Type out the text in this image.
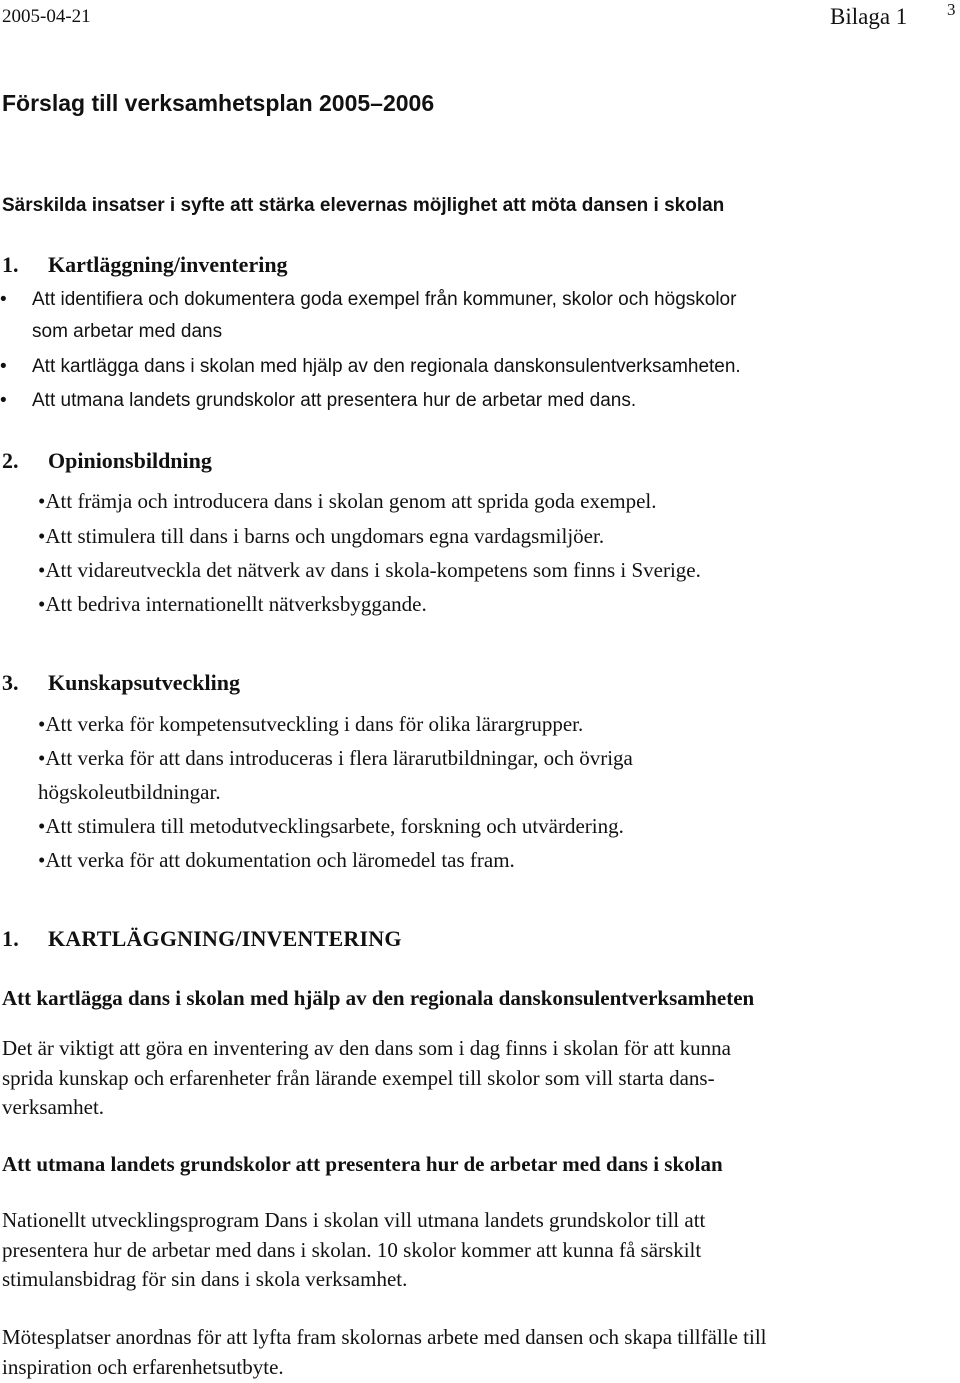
2005-04-21	Bilaga 1 3
Förslag till verksamhetsplan 2005–2006
Särskilda insatser i syfte att stärka elevernas möjlighet att möta dansen i skolan
1. Kartläggning/inventering
• Att identifiera och dokumentera goda exempel från kommuner, skolor och högskolor
som arbetar med dans
• Att kartlägga dans i skolan med hjälp av den regionala danskonsulentverksamheten.
• Att utmana landets grundskolor att presentera hur de arbetar med dans.
2. Opinionsbildning
•Att främja och introducera dans i skolan genom att sprida goda exempel.
•Att stimulera till dans i barns och ungdomars egna vardagsmiljöer.
•Att vidareutveckla det nätverk av dans i skola-kompetens som finns i Sverige.
•Att bedriva internationellt nätverksbyggande.
3. Kunskapsutveckling
•Att verka för kompetensutveckling i dans för olika lärargrupper.
•Att verka för att dans introduceras i flera lärarutbildningar, och övriga
högskoleutbildningar.
•Att stimulera till metodutvecklingsarbete, forskning och utvärdering.
•Att verka för att dokumentation och läromedel tas fram.
1. KARTLÄGGNING/INVENTERING
Att kartlägga dans i skolan med hjälp av den regionala danskonsulentverksamheten
Det är viktigt att göra en inventering av den dans som i dag finns i skolan för att kunna
sprida kunskap och erfarenheter från lärande exempel till skolor som vill starta dans-
verksamhet.
Att utmana landets grundskolor att presentera hur de arbetar med dans i skolan
Nationellt utvecklingsprogram Dans i skolan vill utmana landets grundskolor till att
presentera hur de arbetar med dans i skolan. 10 skolor kommer att kunna få särskilt
stimulansbidrag för sin dans i skola verksamhet.
Mötesplatser anordnas för att lyfta fram skolornas arbete med dansen och skapa tillfälle till
inspiration och erfarenhetsutbyte.
